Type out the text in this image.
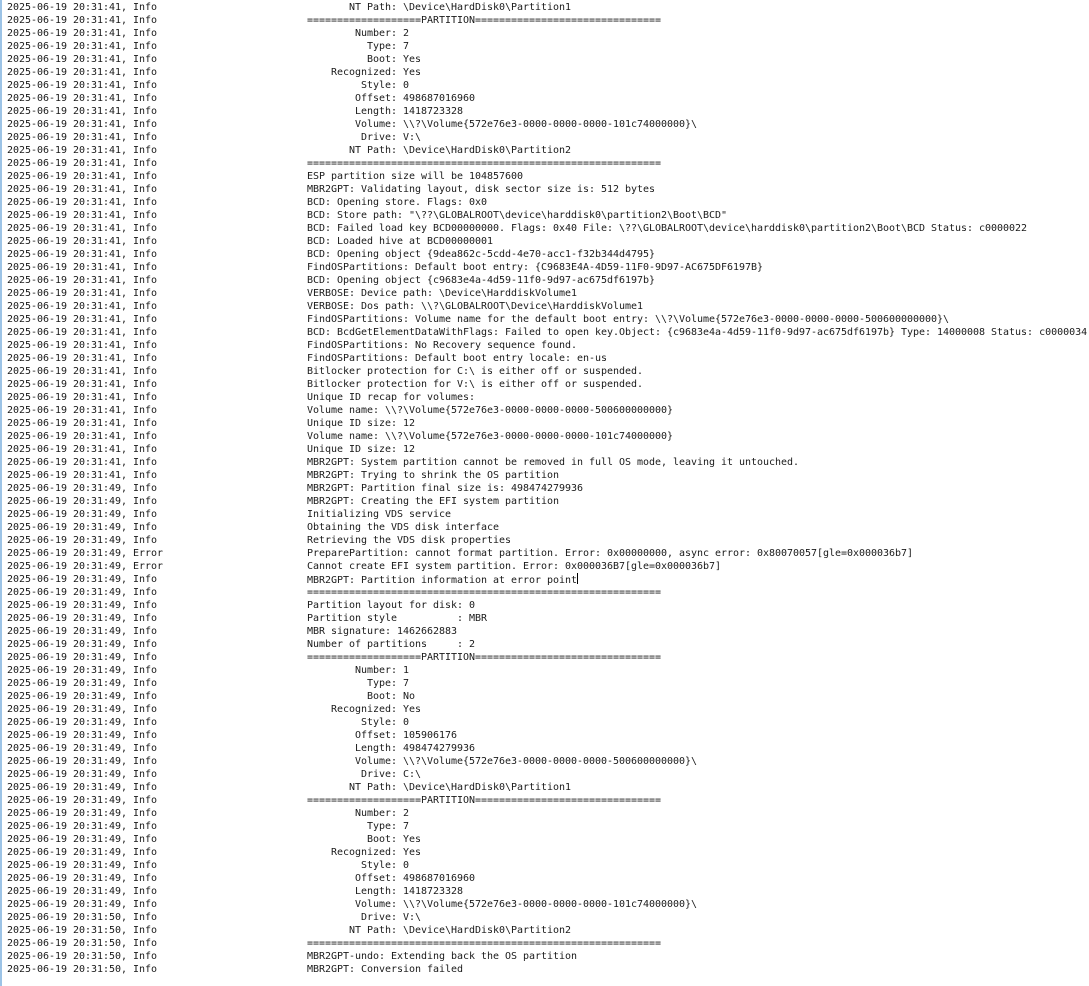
2025-06-19 20:31:41, Info	NT Path: \Device\HardDisk0\Partition1
2025-06-19 20:31:41, Info	===================PARTITION===============================
2025-06-19 20:31:41, Info	Number: 2
2025-06-19 20:31:41, Info	Type: 7
2025-06-19 20:31:41, Info	Boot: Yes
2025-06-19 20:31:41, Info	Recognized: Yes
2025-06-19 20:31:41, Info	Style: 0
2025-06-19 20:31:41, Info	Offset: 498687016960
2025-06-19 20:31:41, Info	Length: 1418723328
2025-06-19 20:31:41, Info	Volume: \\?\Volume{572e76e3-0000-0000-0000-101c74000000}\
2025-06-19 20:31:41, Info	Drive: V:\
2025-06-19 20:31:41, Info	NT Path: \Device\HardDisk0\Partition2
2025-06-19 20:31:41, Info	===========================================================
2025-06-19 20:31:41, Info	ESP partition size will be 104857600
2025-06-19 20:31:41, Info	MBR2GPT: Validating layout, disk sector size is: 512 bytes
2025-06-19 20:31:41, Info	BCD: Opening store. Flags: 0x0
2025-06-19 20:31:41, Info	BCD: Store path: "\??\GLOBALROOT\device\harddisk0\partition2\Boot\BCD"
2025-06-19 20:31:41, Info	BCD: Failed load key BCD00000000. Flags: 0x40 File: \??\GLOBALROOT\device\harddisk0\partition2\Boot\BCD Status: c0000022
2025-06-19 20:31:41, Info	BCD: Loaded hive at BCD00000001
2025-06-19 20:31:41, Info	BCD: Opening object {9dea862c-5cdd-4e70-acc1-f32b344d4795}
2025-06-19 20:31:41, Info	FindOSPartitions: Default boot entry: {C9683E4A-4D59-11F0-9D97-AC675DF6197B}
2025-06-19 20:31:41, Info	BCD: Opening object {c9683e4a-4d59-11f0-9d97-ac675df6197b}
2025-06-19 20:31:41, Info	VERBOSE: Device path: \Device\HarddiskVolume1
2025-06-19 20:31:41, Info	VERBOSE: Dos path: \\?\GLOBALROOT\Device\HarddiskVolume1
2025-06-19 20:31:41, Info	FindOSPartitions: Volume name for the default boot entry: \\?\Volume{572e76e3-0000-0000-0000-500600000000}\
2025-06-19 20:31:41, Info	BCD: BcdGetElementDataWithFlags: Failed to open key.Object: {c9683e4a-4d59-11f0-9d97-ac675df6197b} Type: 14000008 Status: c0000034
2025-06-19 20:31:41, Info	FindOSPartitions: No Recovery sequence found.
2025-06-19 20:31:41, Info	FindOSPartitions: Default boot entry locale: en-us
2025-06-19 20:31:41, Info	Bitlocker protection for C:\ is either off or suspended.
2025-06-19 20:31:41, Info	Bitlocker protection for V:\ is either off or suspended.
2025-06-19 20:31:41, Info	Unique ID recap for volumes:
2025-06-19 20:31:41, Info	Volume name: \\?\Volume{572e76e3-0000-0000-0000-500600000000}
2025-06-19 20:31:41, Info	Unique ID size: 12
2025-06-19 20:31:41, Info	Volume name: \\?\Volume{572e76e3-0000-0000-0000-101c74000000}
2025-06-19 20:31:41, Info	Unique ID size: 12
2025-06-19 20:31:41, Info	MBR2GPT: System partition cannot be removed in full OS mode, leaving it untouched.
2025-06-19 20:31:41, Info	MBR2GPT: Trying to shrink the OS partition
2025-06-19 20:31:49, Info	MBR2GPT: Partition final size is: 498474279936
2025-06-19 20:31:49, Info	MBR2GPT: Creating the EFI system partition
2025-06-19 20:31:49, Info	Initializing VDS service
2025-06-19 20:31:49, Info	Obtaining the VDS disk interface
2025-06-19 20:31:49, Info	Retrieving the VDS disk properties
2025-06-19 20:31:49, Error	PreparePartition: cannot format partition. Error: 0x00000000, async error: 0x80070057[gle=0x000036b7]
2025-06-19 20:31:49, Error	Cannot create EFI system partition. Error: 0x000036B7[gle=0x000036b7]
2025-06-19 20:31:49, Info	MBR2GPT: Partition information at error point
2025-06-19 20:31:49, Info	===========================================================
2025-06-19 20:31:49, Info	Partition layout for disk: 0
2025-06-19 20:31:49, Info	Partition style          : MBR
2025-06-19 20:31:49, Info	MBR signature: 1462662883
2025-06-19 20:31:49, Info	Number of partitions     : 2
2025-06-19 20:31:49, Info	===================PARTITION===============================
2025-06-19 20:31:49, Info	Number: 1
2025-06-19 20:31:49, Info	Type: 7
2025-06-19 20:31:49, Info	Boot: No
2025-06-19 20:31:49, Info	Recognized: Yes
2025-06-19 20:31:49, Info	Style: 0
2025-06-19 20:31:49, Info	Offset: 105906176
2025-06-19 20:31:49, Info	Length: 498474279936
2025-06-19 20:31:49, Info	Volume: \\?\Volume{572e76e3-0000-0000-0000-500600000000}\
2025-06-19 20:31:49, Info	Drive: C:\
2025-06-19 20:31:49, Info	NT Path: \Device\HardDisk0\Partition1
2025-06-19 20:31:49, Info	===================PARTITION===============================
2025-06-19 20:31:49, Info	Number: 2
2025-06-19 20:31:49, Info	Type: 7
2025-06-19 20:31:49, Info	Boot: Yes
2025-06-19 20:31:49, Info	Recognized: Yes
2025-06-19 20:31:49, Info	Style: 0
2025-06-19 20:31:49, Info	Offset: 498687016960
2025-06-19 20:31:49, Info	Length: 1418723328
2025-06-19 20:31:49, Info	Volume: \\?\Volume{572e76e3-0000-0000-0000-101c74000000}\
2025-06-19 20:31:50, Info	Drive: V:\
2025-06-19 20:31:50, Info	NT Path: \Device\HardDisk0\Partition2
2025-06-19 20:31:50, Info	===========================================================
2025-06-19 20:31:50, Info	MBR2GPT-undo: Extending back the OS partition
2025-06-19 20:31:50, Info	MBR2GPT: Conversion failed
